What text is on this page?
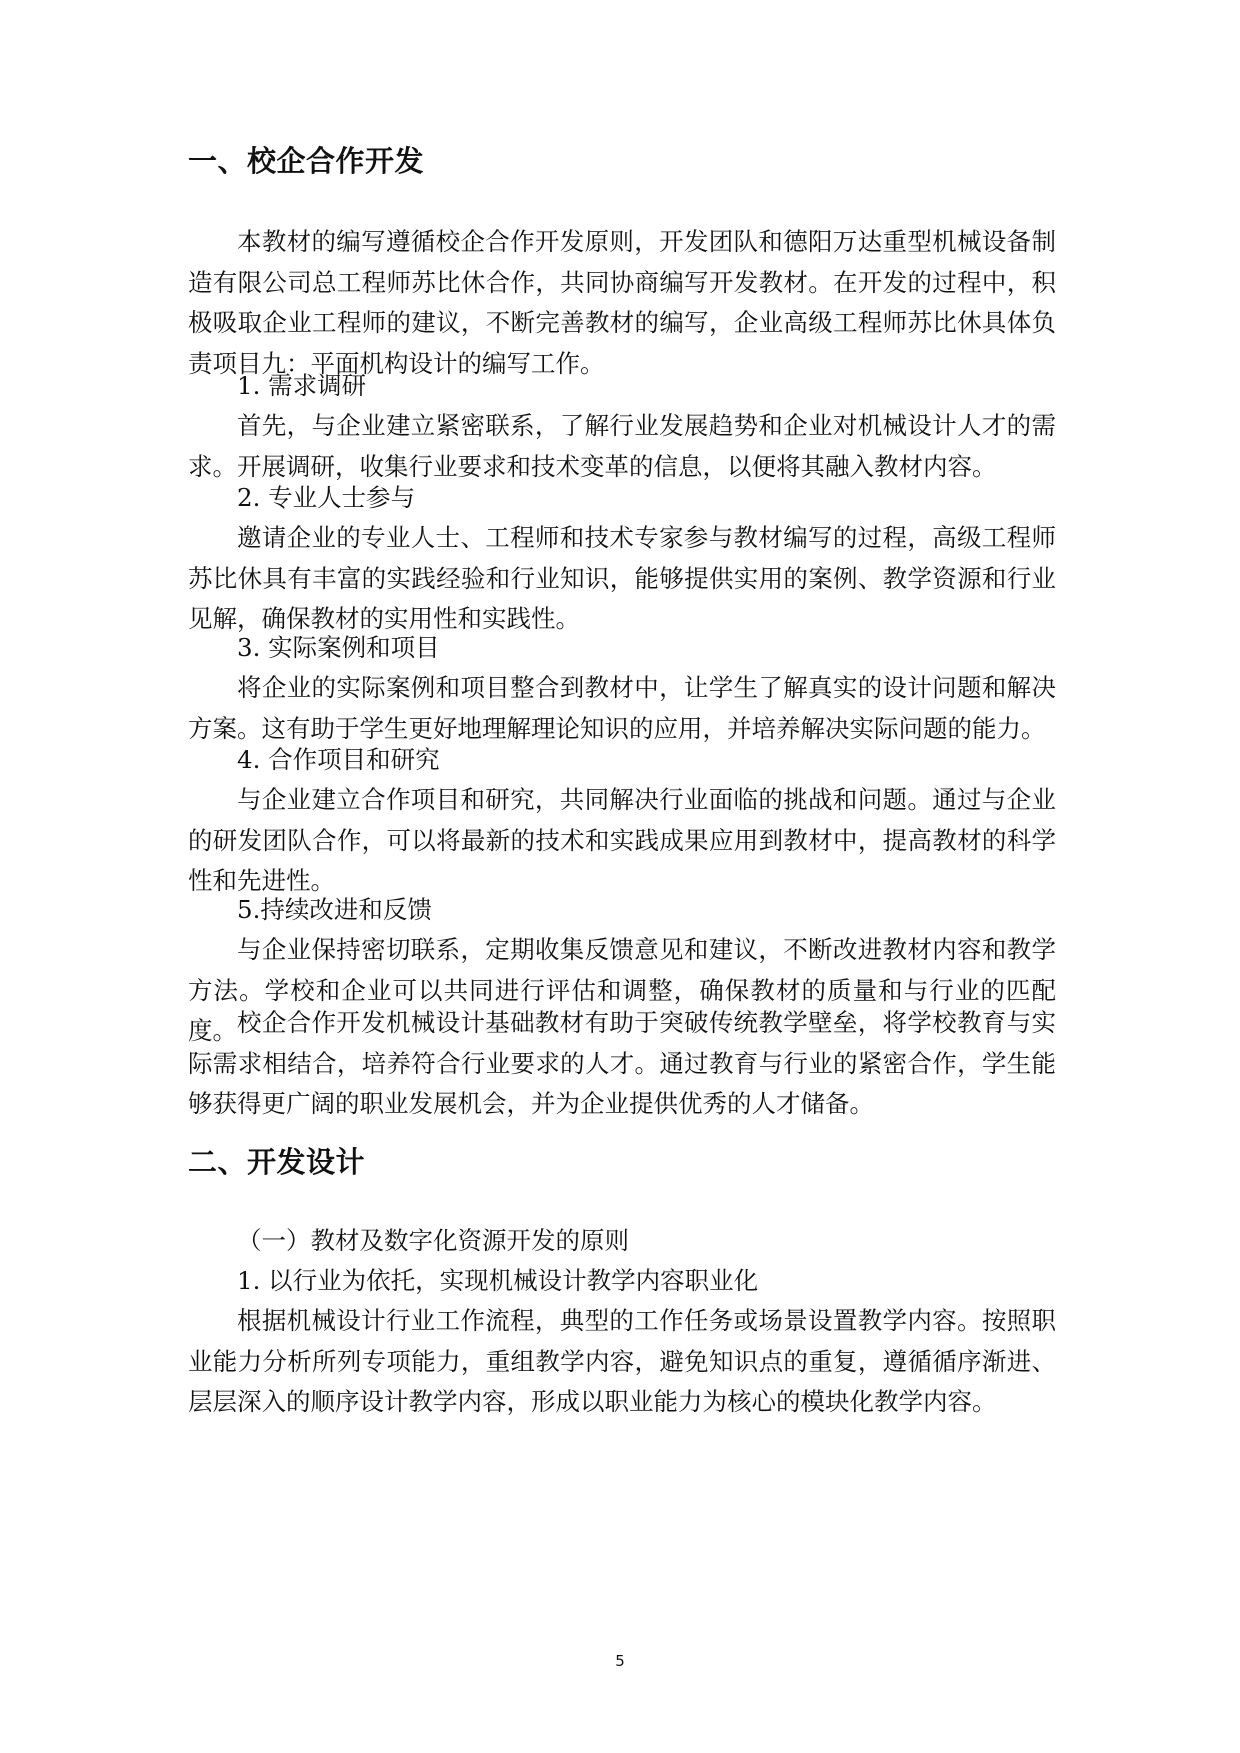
一、校企合作开发

本教材的编写遵循校企合作开发原则，开发团队和德阳万达重型机械设备制造有限公司总工程师苏比休合作，共同协商编写开发教材。在开发的过程中，积极吸取企业工程师的建议，不断完善教材的编写，企业高级工程师苏比休具体负责项目九：平面机构设计的编写工作。

1. 需求调研

首先，与企业建立紧密联系，了解行业发展趋势和企业对机械设计人才的需求。开展调研，收集行业要求和技术变革的信息，以便将其融入教材内容。

2. 专业人士参与

邀请企业的专业人士、工程师和技术专家参与教材编写的过程，高级工程师苏比休具有丰富的实践经验和行业知识，能够提供实用的案例、教学资源和行业见解，确保教材的实用性和实践性。

3. 实际案例和项目

将企业的实际案例和项目整合到教材中，让学生了解真实的设计问题和解决方案。这有助于学生更好地理解理论知识的应用，并培养解决实际问题的能力。

4. 合作项目和研究

与企业建立合作项目和研究，共同解决行业面临的挑战和问题。通过与企业的研发团队合作，可以将最新的技术和实践成果应用到教材中，提高教材的科学性和先进性。

5.持续改进和反馈

与企业保持密切联系，定期收集反馈意见和建议，不断改进教材内容和教学方法。学校和企业可以共同进行评估和调整，确保教材的质量和与行业的匹配度。 校企合作开发机械设计基础教材有助于突破传统教学壁垒，将学校教育与实际需求相结合，培养符合行业要求的人才。通过教育与行业的紧密合作，学生能够获得更广阔的职业发展机会，并为企业提供优秀的人才储备。

二、开发设计

（一）教材及数字化资源开发的原则

1. 以行业为依托，实现机械设计教学内容职业化

根据机械设计行业工作流程，典型的工作任务或场景设置教学内容。按照职业能力分析所列专项能力，重组教学内容，避免知识点的重复，遵循循序渐进、层层深入的顺序设计教学内容，形成以职业能力为核心的模块化教学内容。

5
